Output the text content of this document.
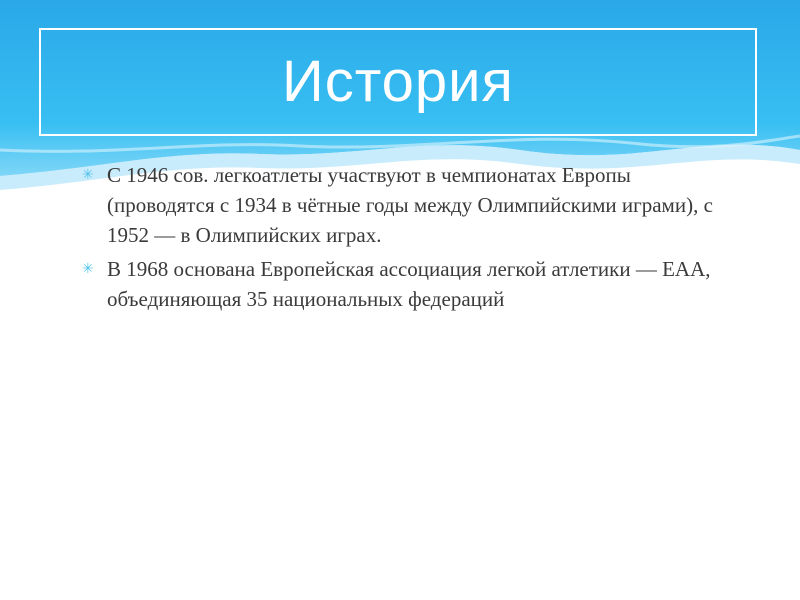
История
✳ С 1946 сов. легкоатлеты участвуют в чемпионатах Европы (проводятся с 1934 в чётные годы между Олимпийскими играми), с 1952 — в Олимпийских играх.
✳ В 1968 основана Европейская ассоциация легкой атлетики — ЕАА, объединяющая 35 национальных федераций
